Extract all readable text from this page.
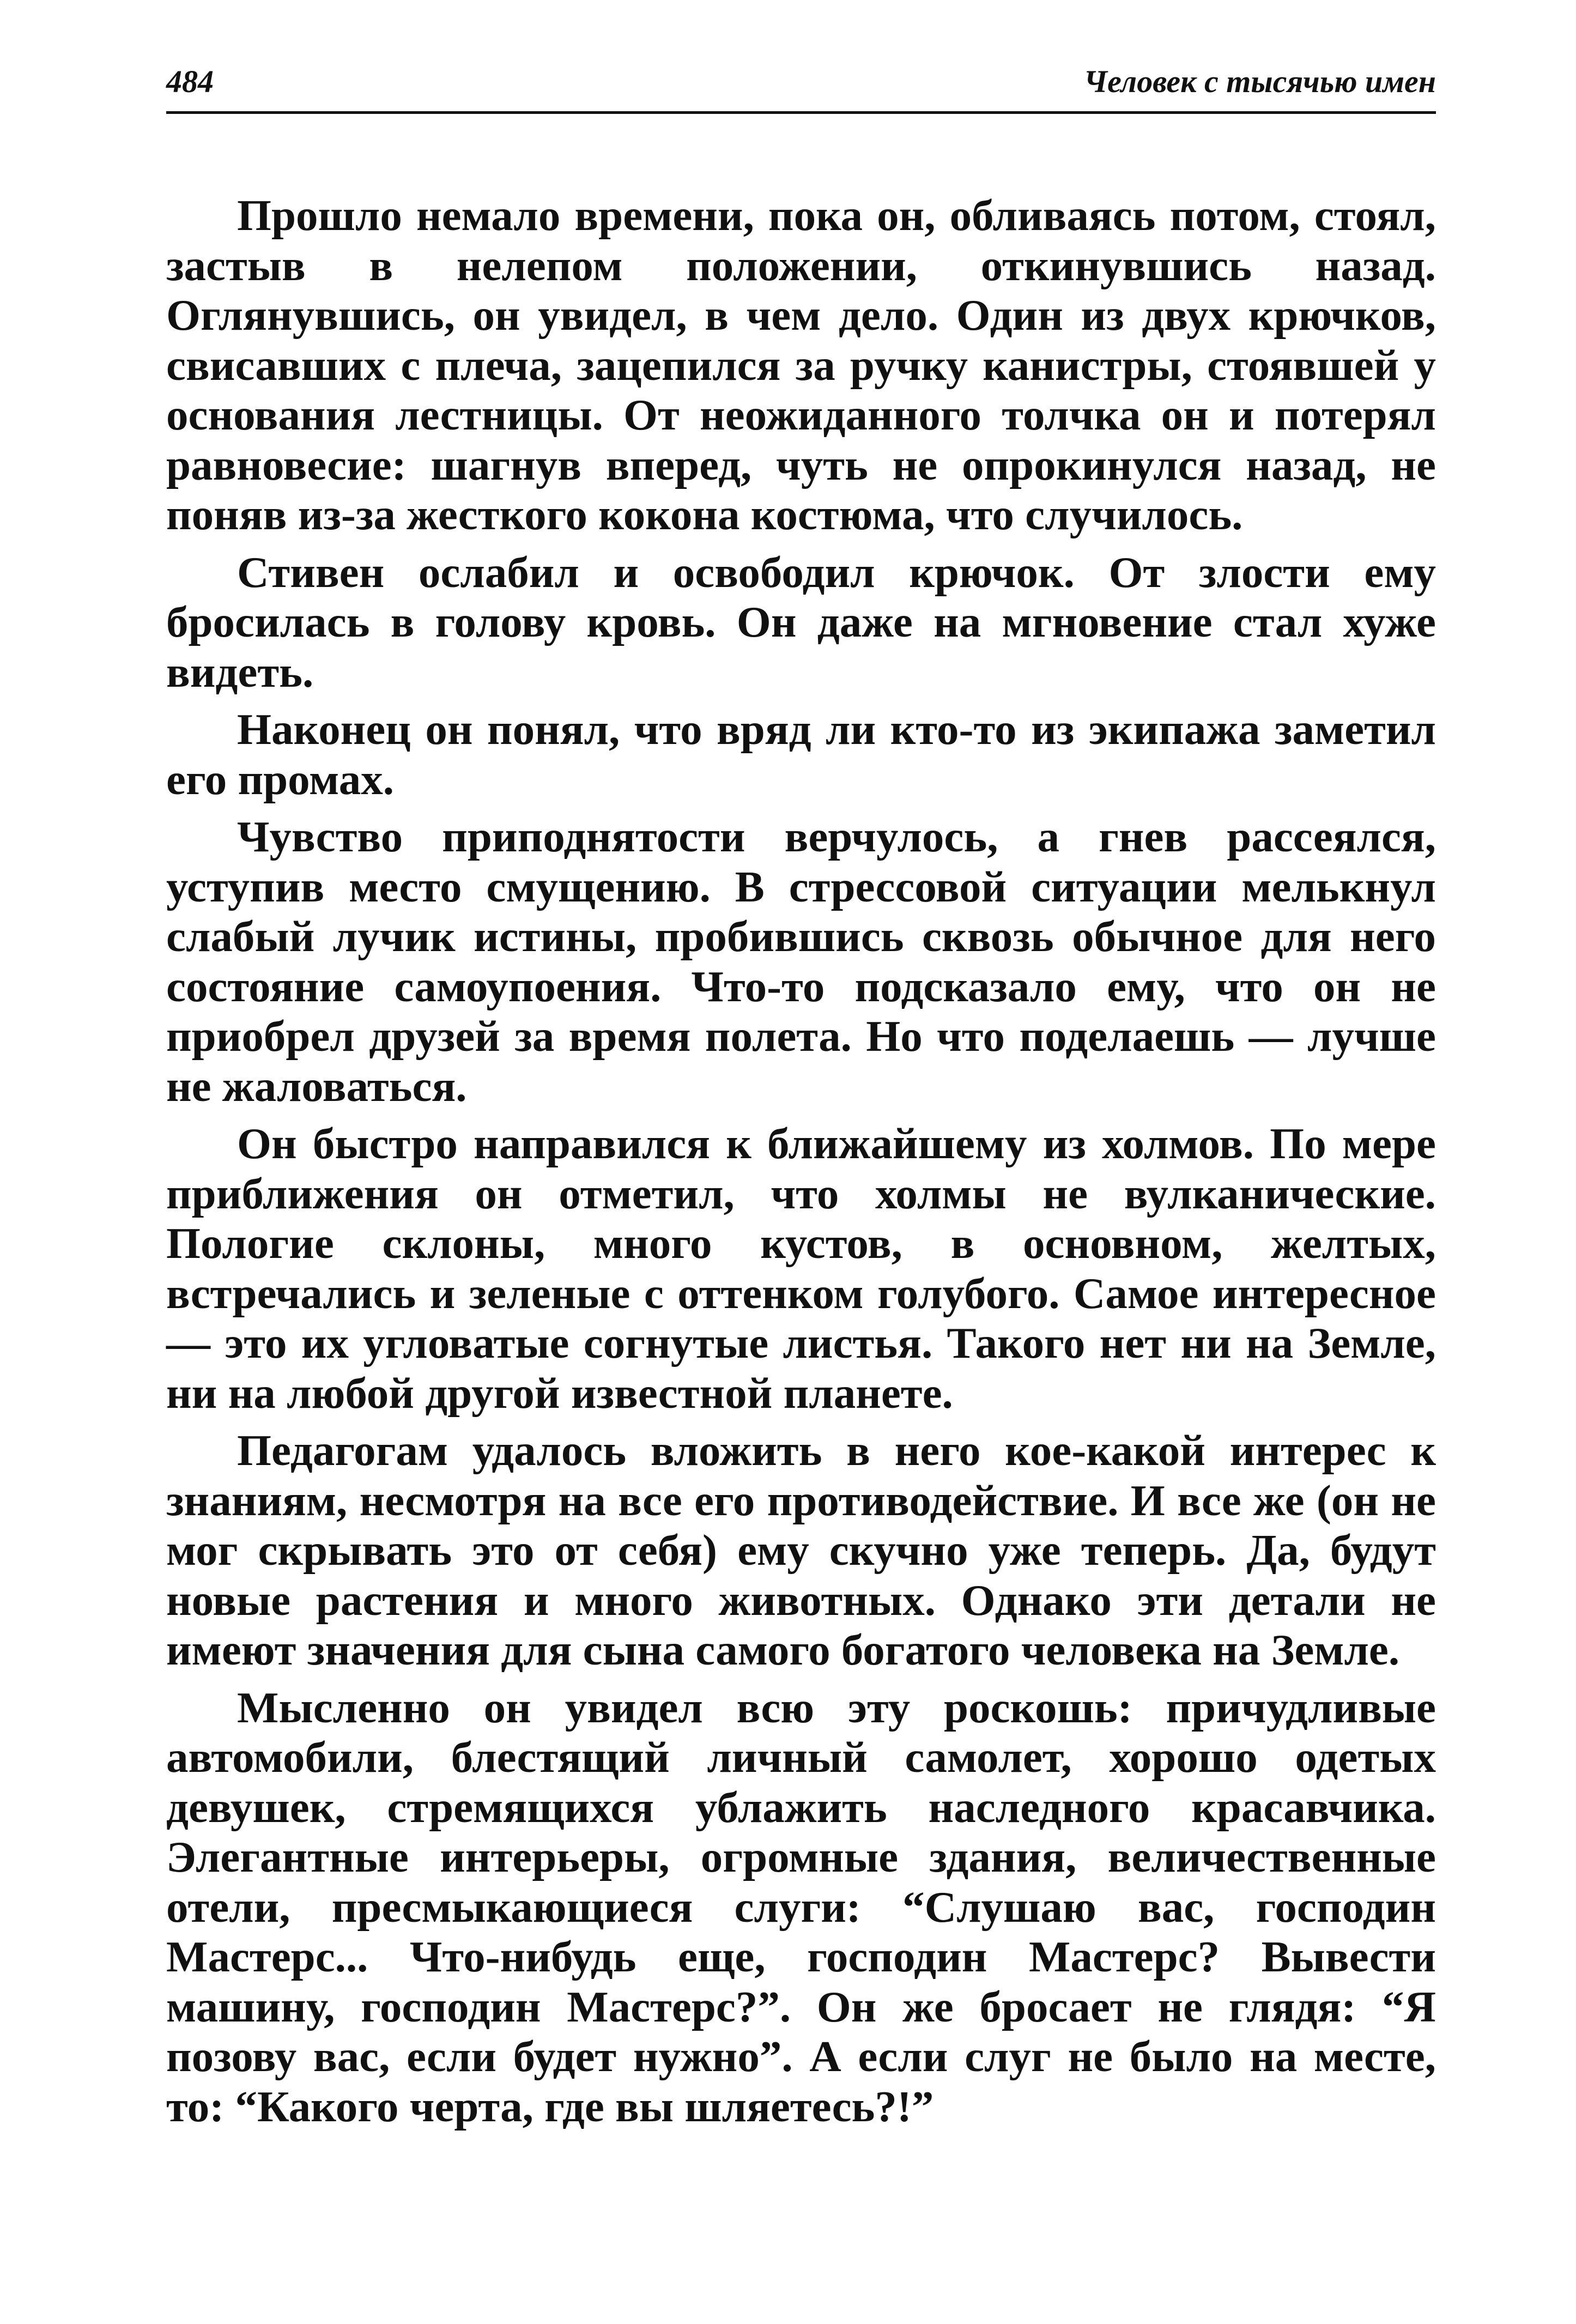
484	Человек с тысячью имен

Прошло немало времени, пока он, обливаясь потом, стоял, застыв в нелепом положении, откинувшись назад. Оглянувшись, он увидел, в чем дело. Один из двух крючков, свисавших с плеча, зацепился за ручку канистры, стоявшей у основания лестницы. От неожиданного толчка он и потерял равновесие: шагнув вперед, чуть не опрокинулся назад, не поняв из-за жесткого кокона костюма, что случилось.

Стивен ослабил и освободил крючок. От злости ему бросилась в голову кровь. Он даже на мгновение стал хуже видеть.

Наконец он понял, что вряд ли кто-то из экипажа заметил его промах.

Чувство приподнятости верчулось, а гнев рассеялся, уступив место смущению. В стрессовой ситуации мелькнул слабый лучик истины, пробившись сквозь обычное для него состояние самоупоения. Что-то подсказало ему, что он не приобрел друзей за время полета. Но что поделаешь — лучше не жаловаться.

Он быстро направился к ближайшему из холмов. По мере приближения он отметил, что холмы не вулканические. Пологие склоны, много кустов, в основном, желтых, встречались и зеленые с оттенком голубого. Самое интересное — это их угловатые согнутые листья. Такого нет ни на Земле, ни на любой другой известной планете.

Педагогам удалось вложить в него кое-какой интерес к знаниям, несмотря на все его противодействие. И все же (он не мог скрывать это от себя) ему скучно уже теперь. Да, будут новые растения и много животных. Однако эти детали не имеют значения для сына самого богатого человека на Земле.

Мысленно он увидел всю эту роскошь: причудливые автомобили, блестящий личный самолет, хорошо одетых девушек, стремящихся ублажить наследного красавчика. Элегантные интерьеры, огромные здания, величественные отели, пресмыкающиеся слуги: “Слушаю вас, господин Мастерс... Что-нибудь еще, господин Мастерс? Вывести машину, господин Мастерс?”. Он же бросает не глядя: “Я позову вас, если будет нужно”. А если слуг не было на месте, то: “Какого черта, где вы шляетесь?!”
